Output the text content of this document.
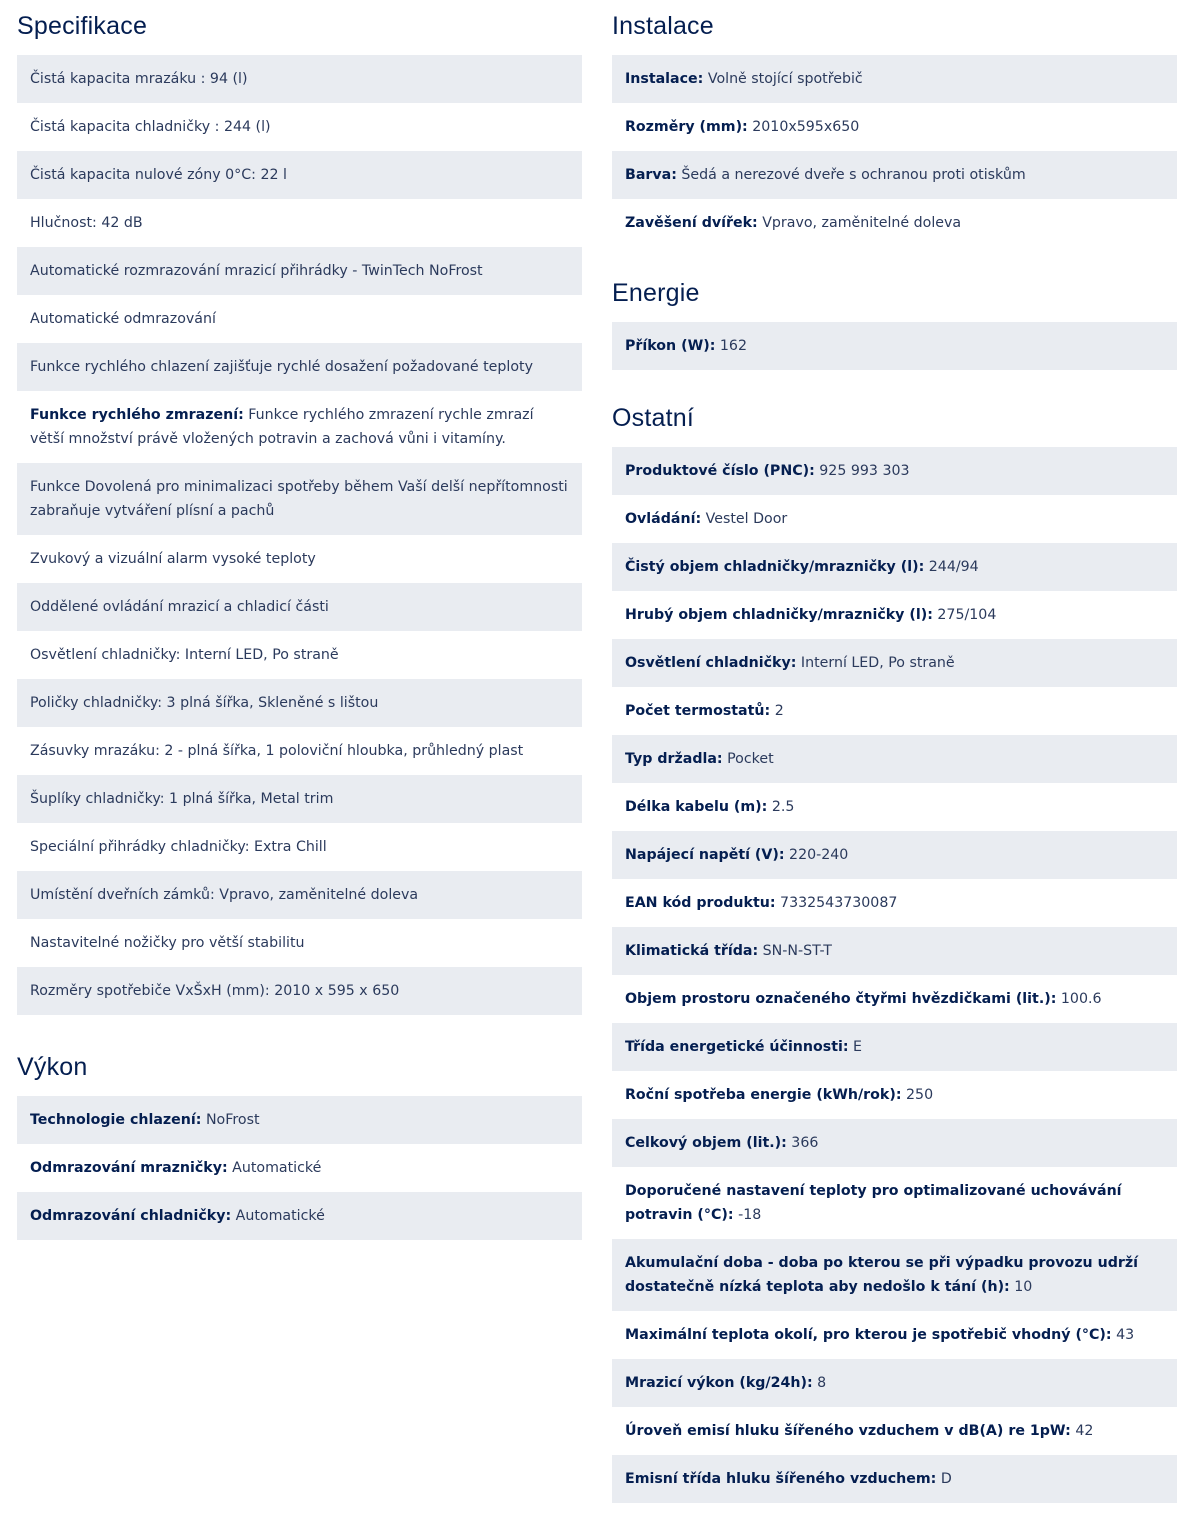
Specifikace
Čistá kapacita mrazáku : 94 (l)
Čistá kapacita chladničky : 244 (l)
Čistá kapacita nulové zóny 0°C: 22 l
Hlučnost: 42 dB
Automatické rozmrazování mrazicí přihrádky - TwinTech NoFrost
Automatické odmrazování
Funkce rychlého chlazení zajišťuje rychlé dosažení požadované teploty
Funkce rychlého zmrazení: Funkce rychlého zmrazení rychle zmrazí větší množství právě vložených potravin a zachová vůni i vitamíny.
Funkce Dovolená pro minimalizaci spotřeby během Vaší delší nepřítomnosti zabraňuje vytváření plísní a pachů
Zvukový a vizuální alarm vysoké teploty
Oddělené ovládání mrazicí a chladicí části
Osvětlení chladničky: Interní LED, Po straně
Poličky chladničky: 3 plná šířka, Skleněné s lištou
Zásuvky mrazáku: 2 - plná šířka, 1 poloviční hloubka, průhledný plast
Šuplíky chladničky: 1 plná šířka, Metal trim
Speciální přihrádky chladničky: Extra Chill
Umístění dveřních zámků: Vpravo, zaměnitelné doleva
Nastavitelné nožičky pro větší stabilitu
Rozměry spotřebiče VxŠxH (mm): 2010 x 595 x 650
Výkon
Technologie chlazení: NoFrost
Odmrazování mrazničky: Automatické
Odmrazování chladničky: Automatické
Instalace
Instalace: Volně stojící spotřebič
Rozměry (mm): 2010x595x650
Barva: Šedá a nerezové dveře s ochranou proti otiskům
Zavěšení dvířek: Vpravo, zaměnitelné doleva
Energie
Příkon (W): 162
Ostatní
Produktové číslo (PNC): 925 993 303
Ovládání: Vestel Door
Čistý objem chladničky/mrazničky (l): 244/94
Hrubý objem chladničky/mrazničky (l): 275/104
Osvětlení chladničky: Interní LED, Po straně
Počet termostatů: 2
Typ držadla: Pocket
Délka kabelu (m): 2.5
Napájecí napětí (V): 220-240
EAN kód produktu: 7332543730087
Klimatická třída: SN-N-ST-T
Objem prostoru označeného čtyřmi hvězdičkami (lit.): 100.6
Třída energetické účinnosti: E
Roční spotřeba energie (kWh/rok): 250
Celkový objem (lit.): 366
Doporučené nastavení teploty pro optimalizované uchovávání potravin (°C): -18
Akumulační doba - doba po kterou se při výpadku provozu udrží dostatečně nízká teplota aby nedošlo k tání (h): 10
Maximální teplota okolí, pro kterou je spotřebič vhodný (°C): 43
Mrazicí výkon (kg/24h): 8
Úroveň emisí hluku šířeného vzduchem v dB(A) re 1pW: 42
Emisní třída hluku šířeného vzduchem: D
